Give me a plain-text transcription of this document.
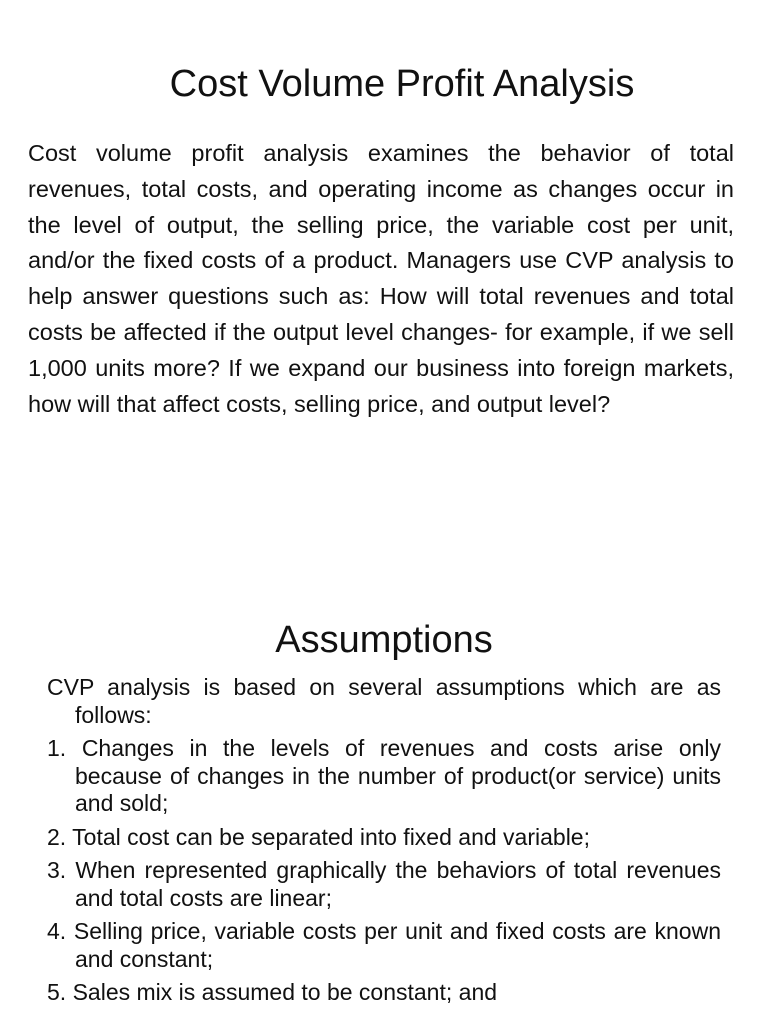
Cost Volume Profit Analysis

Cost volume profit analysis examines the behavior of total revenues, total costs, and operating income as changes occur in the level of output, the selling price, the variable cost per unit, and/or the fixed costs of a product. Managers use CVP analysis to help answer questions such as: How will total revenues and total costs be affected if the output level changes- for example, if we sell 1,000 units more? If we expand our business into foreign markets, how will that affect costs, selling price, and output level?

Assumptions
CVP analysis is based on several assumptions which are as follows:
1. Changes in the levels of revenues and costs arise only because of changes in the number of product(or service) units and sold;
2. Total cost can be separated into fixed and variable;
3. When represented graphically the behaviors of total revenues and total costs are linear;
4. Selling price, variable costs per unit and fixed costs are known and constant;
5. Sales mix is assumed to be constant; and
